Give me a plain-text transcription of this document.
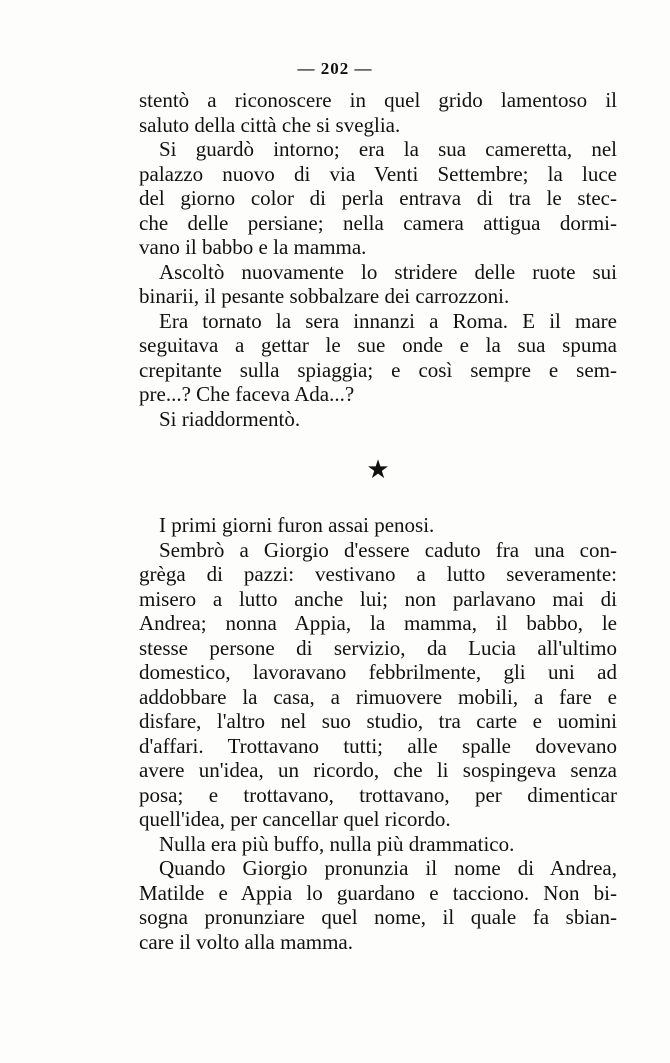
— 202 —
stentò a riconoscere in quel grido lamentoso il
saluto della città che si sveglia.
Si guardò intorno; era la sua cameretta, nel
palazzo nuovo di via Venti Settembre; la luce
del giorno color di perla entrava di tra le stec-
che delle persiane; nella camera attigua dormi-
vano il babbo e la mamma.
Ascoltò nuovamente lo stridere delle ruote sui
binarii, il pesante sobbalzare dei carrozzoni.
Era tornato la sera innanzi a Roma. E il mare
seguitava a gettar le sue onde e la sua spuma
crepitante sulla spiaggia; e così sempre e sem-
pre...? Che faceva Ada...?
Si riaddormentò.
★
I primi giorni furon assai penosi.
Sembrò a Giorgio d'essere caduto fra una con-
grèga di pazzi: vestivano a lutto severamente:
misero a lutto anche lui; non parlavano mai di
Andrea; nonna Appia, la mamma, il babbo, le
stesse persone di servizio, da Lucia all'ultimo
domestico, lavoravano febbrilmente, gli uni ad
addobbare la casa, a rimuovere mobili, a fare e
disfare, l'altro nel suo studio, tra carte e uomini
d'affari. Trottavano tutti; alle spalle dovevano
avere un'idea, un ricordo, che li sospingeva senza
posa; e trottavano, trottavano, per dimenticar
quell'idea, per cancellar quel ricordo.
Nulla era più buffo, nulla più drammatico.
Quando Giorgio pronunzia il nome di Andrea,
Matilde e Appia lo guardano e tacciono. Non bi-
sogna pronunziare quel nome, il quale fa sbian-
care il volto alla mamma.
